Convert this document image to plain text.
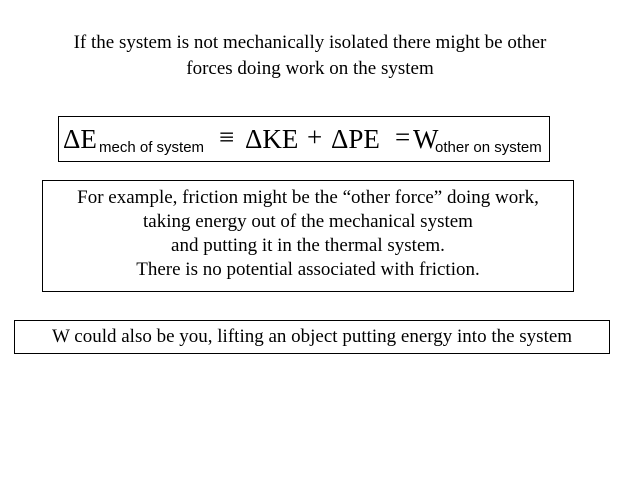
If the system is not mechanically isolated there might be other
forces doing work on the system
ΔE mech of system ≡ ΔKE + ΔPE = W
other on system
For example, friction might be the “other force” doing work,
taking energy out of the mechanical system
and putting it in the thermal system.
There is no potential associated with friction.
W could also be you, lifting an object putting energy into the system
